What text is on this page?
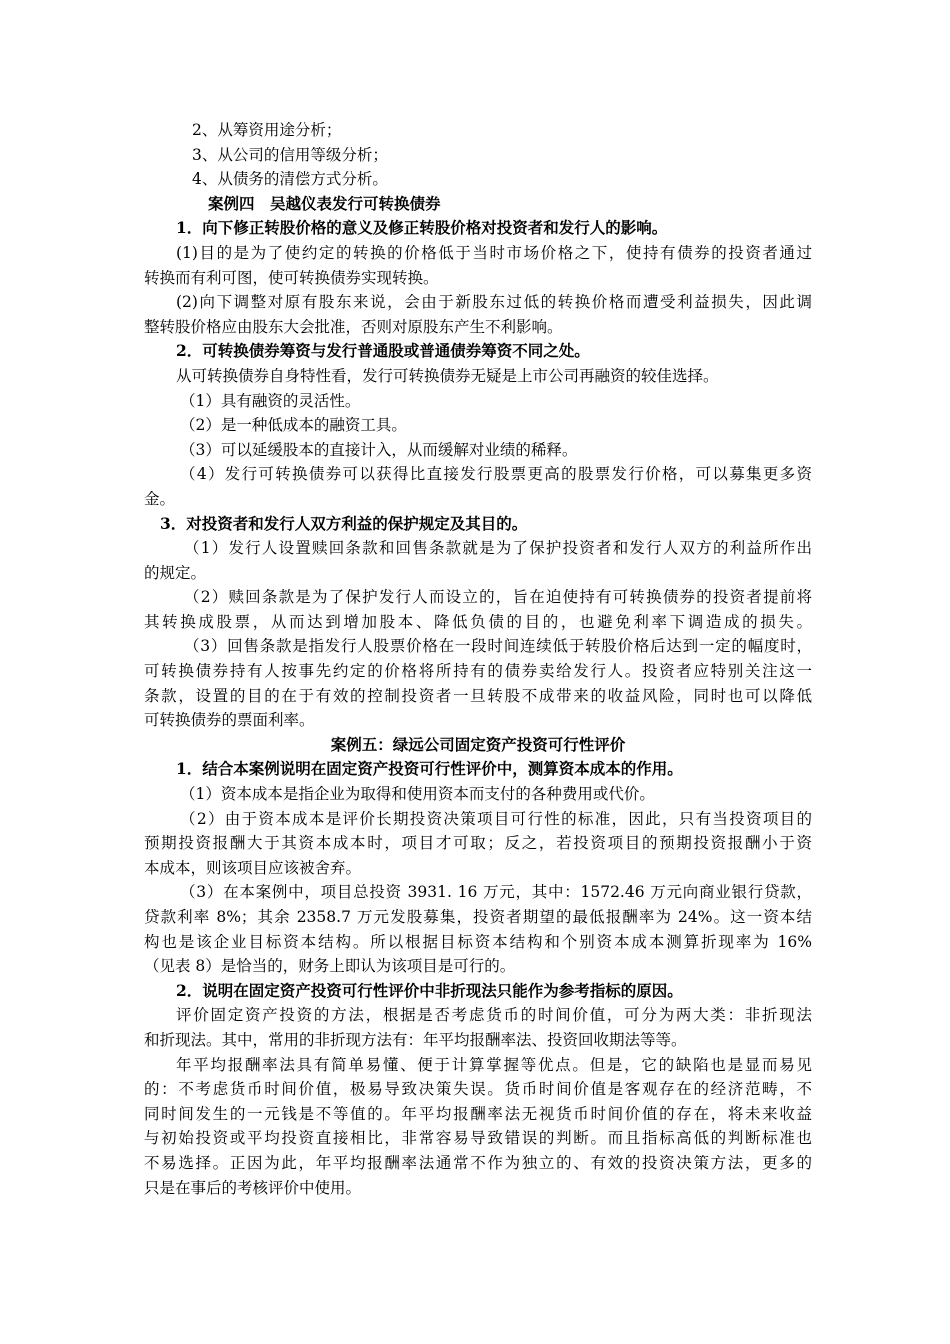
2、从筹资用途分析；
3、从公司的信用等级分析；
4、从债务的清偿方式分析。
案例四　吴越仪表发行可转换债券
1．向下修正转股价格的意义及修正转股价格对投资者和发行人的影响。
(1)目的是为了使约定的转换的价格低于当时市场价格之下，使持有债券的投资者通过
转换而有利可图，使可转换债券实现转换。
(2)向下调整对原有股东来说，会由于新股东过低的转换价格而遭受利益损失，因此调
整转股价格应由股东大会批准，否则对原股东产生不利影响。
2．可转换债券筹资与发行普通股或普通债券筹资不同之处。
从可转换债券自身特性看，发行可转换债券无疑是上市公司再融资的较佳选择。
（1）具有融资的灵活性。
（2）是一种低成本的融资工具。
（3）可以延缓股本的直接计入，从而缓解对业绩的稀释。
（4）发行可转换债券可以获得比直接发行股票更高的股票发行价格，可以募集更多资
金。
3．对投资者和发行人双方利益的保护规定及其目的。
（1）发行人设置赎回条款和回售条款就是为了保护投资者和发行人双方的利益所作出
的规定。
（2）赎回条款是为了保护发行人而设立的，旨在迫使持有可转换债券的投资者提前将
其转换成股票，从而达到增加股本、降低负债的目的，也避免利率下调造成的损失。
（3）回售条款是指发行人股票价格在一段时间连续低于转股价格后达到一定的幅度时，
可转换债券持有人按事先约定的价格将所持有的债券卖给发行人。投资者应特别关注这一
条款，设置的目的在于有效的控制投资者一旦转股不成带来的收益风险，同时也可以降低
可转换债券的票面利率。
案例五：绿远公司固定资产投资可行性评价
1．结合本案例说明在固定资产投资可行性评价中，测算资本成本的作用。
（1）资本成本是指企业为取得和使用资本而支付的各种费用或代价。
（2）由于资本成本是评价长期投资决策项目可行性的标准，因此，只有当投资项目的
预期投资报酬大于其资本成本时，项目才可取；反之，若投资项目的预期投资报酬小于资
本成本，则该项目应该被舍弃。
（3）在本案例中，项目总投资 3931. 16 万元，其中：1572.46 万元向商业银行贷款，
贷款利率 8%；其余 2358.7 万元发股募集，投资者期望的最低报酬率为 24%。这一资本结
构也是该企业目标资本结构。所以根据目标资本结构和个别资本成本测算折现率为 16%
（见表 8）是恰当的，财务上即认为该项目是可行的。
2．说明在固定资产投资可行性评价中非折现法只能作为参考指标的原因。
评价固定资产投资的方法，根据是否考虑货币的时间价值，可分为两大类：非折现法
和折现法。其中，常用的非折现方法有：年平均报酬率法、投资回收期法等等。
年平均报酬率法具有简单易懂、便于计算掌握等优点。但是，它的缺陷也是显而易见
的：不考虑货币时间价值，极易导致决策失误。货币时间价值是客观存在的经济范畴，不
同时间发生的一元钱是不等值的。年平均报酬率法无视货币时间价值的存在，将未来收益
与初始投资或平均投资直接相比，非常容易导致错误的判断。而且指标高低的判断标准也
不易选择。正因为此，年平均报酬率法通常不作为独立的、有效的投资决策方法，更多的
只是在事后的考核评价中使用。
